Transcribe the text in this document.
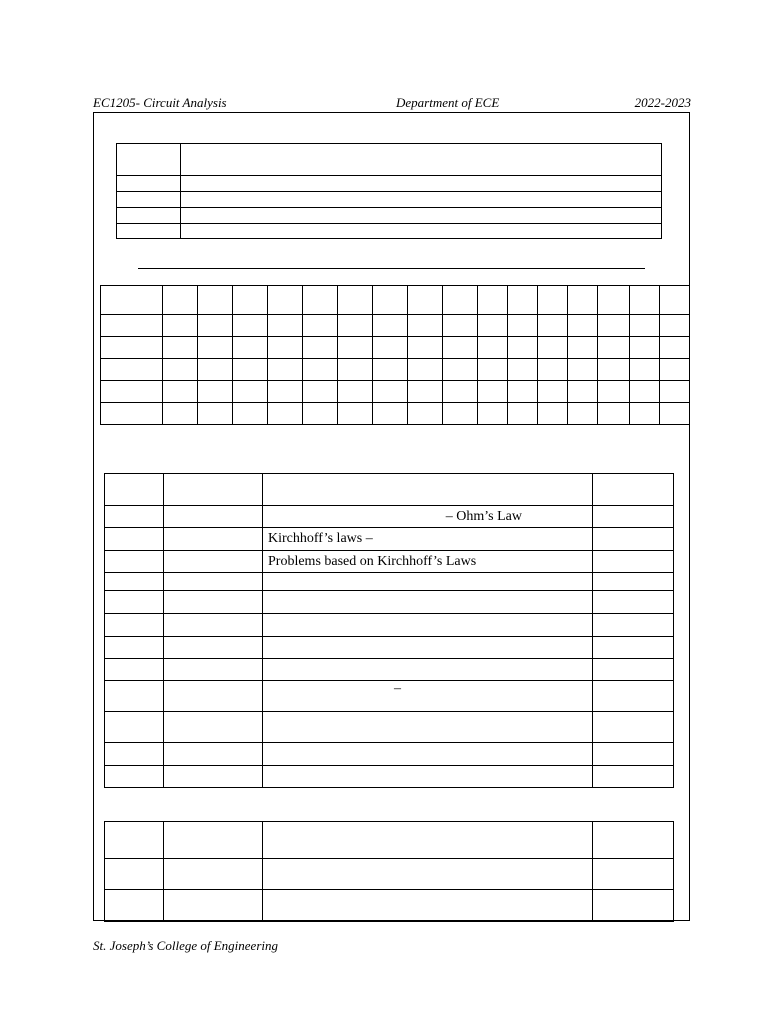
EC1205- Circuit Analysis	Department of ECE	2022-2023

		– Ohm’s Law	
		Kirchhoff’s laws –	
		Problems based on Kirchhoff’s Laws	

		–	

St. Joseph’s College of Engineering
